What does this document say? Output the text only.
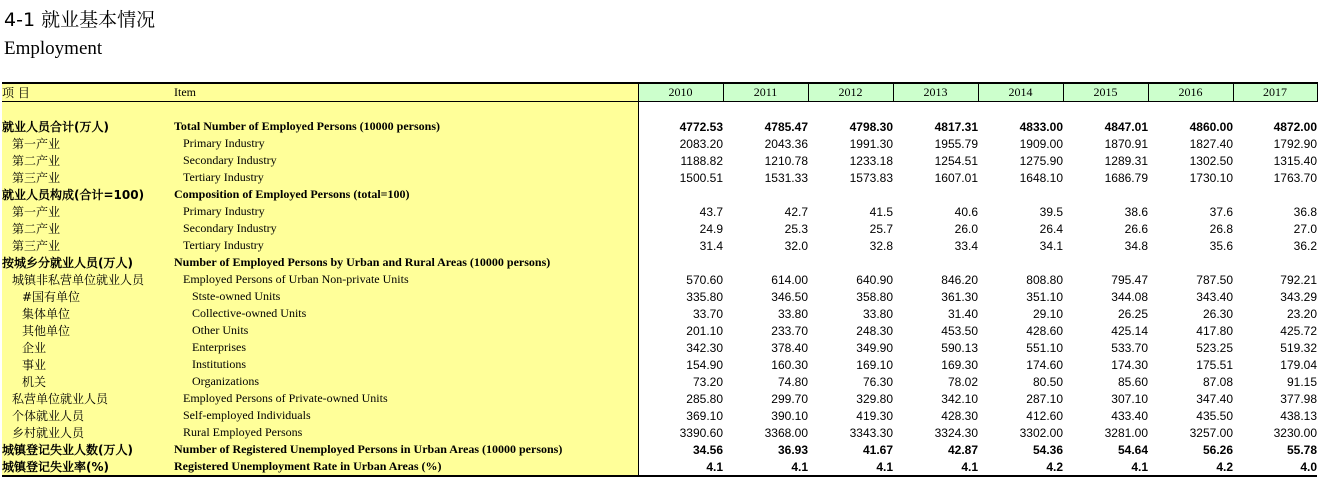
4-1 就业基本情况
Employment
项 目	Item	2010	2011	2012	2013	2014	2015	2016	2017

就业人员合计(万人)	Total Number of Employed Persons (10000 persons)	4772.53	4785.47	4798.30	4817.31	4833.00	4847.01	4860.00	4872.00
第一产业	Primary Industry	2083.20	2043.36	1991.30	1955.79	1909.00	1870.91	1827.40	1792.90
第二产业	Secondary Industry	1188.82	1210.78	1233.18	1254.51	1275.90	1289.31	1302.50	1315.40
第三产业	Tertiary Industry	1500.51	1531.33	1573.83	1607.01	1648.10	1686.79	1730.10	1763.70
就业人员构成(合计=100)	Composition of Employed Persons (total=100)								
第一产业	Primary Industry	43.7	42.7	41.5	40.6	39.5	38.6	37.6	36.8
第二产业	Secondary Industry	24.9	25.3	25.7	26.0	26.4	26.6	26.8	27.0
第三产业	Tertiary Industry	31.4	32.0	32.8	33.4	34.1	34.8	35.6	36.2
按城乡分就业人员(万人)	Number of Employed Persons by Urban and Rural Areas (10000 persons)								
城镇非私营单位就业人员	Employed Persons of Urban Non-private Units	570.60	614.00	640.90	846.20	808.80	795.47	787.50	792.21
#国有单位	Stste-owned Units	335.80	346.50	358.80	361.30	351.10	344.08	343.40	343.29
集体单位	Collective-owned Units	33.70	33.80	33.80	31.40	29.10	26.25	26.30	23.20
其他单位	Other Units	201.10	233.70	248.30	453.50	428.60	425.14	417.80	425.72
企业	Enterprises	342.30	378.40	349.90	590.13	551.10	533.70	523.25	519.32
事业	Institutions	154.90	160.30	169.10	169.30	174.60	174.30	175.51	179.04
机关	Organizations	73.20	74.80	76.30	78.02	80.50	85.60	87.08	91.15
私营单位就业人员	Employed Persons of Private-owned Units	285.80	299.70	329.80	342.10	287.10	307.10	347.40	377.98
个体就业人员	Self-employed Individuals	369.10	390.10	419.30	428.30	412.60	433.40	435.50	438.13
乡村就业人员	Rural Employed Persons	3390.60	3368.00	3343.30	3324.30	3302.00	3281.00	3257.00	3230.00
城镇登记失业人数(万人)	Number of Registered Unemployed Persons in Urban Areas (10000 persons)	34.56	36.93	41.67	42.87	54.36	54.64	56.26	55.78
城镇登记失业率(%)	Registered Unemployment Rate in Urban Areas (%)	4.1	4.1	4.1	4.1	4.2	4.1	4.2	4.0
